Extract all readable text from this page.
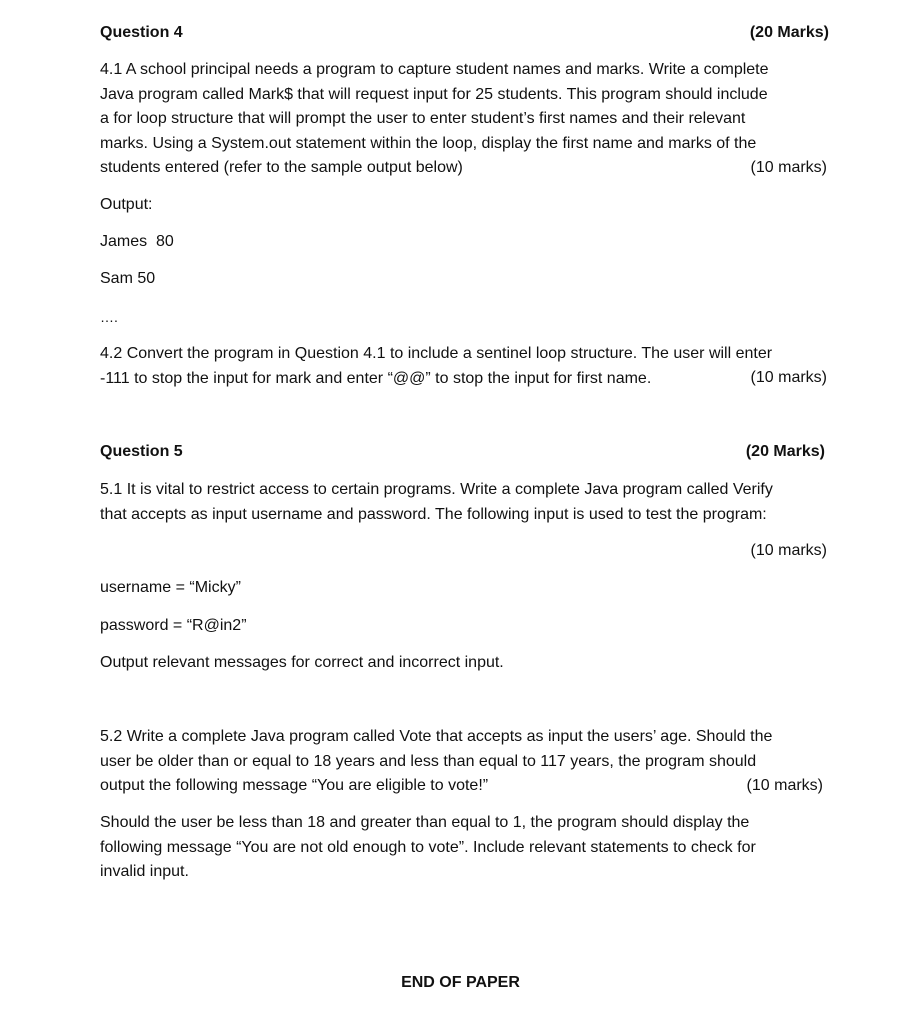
Question 4	(20 Marks)
4.1 A school principal needs a program to capture student names and marks. Write a complete
Java program called Mark$ that will request input for 25 students. This program should include
a for loop structure that will prompt the user to enter student’s first names and their relevant
marks. Using a System.out statement within the loop, display the first name and marks of the
students entered (refer to the sample output below)	(10 marks)
Output:
James  80
Sam 50
….
4.2 Convert the program in Question 4.1 to include a sentinel loop structure. The user will enter
-111 to stop the input for mark and enter “@@” to stop the input for first name.	(10 marks)
Question 5	(20 Marks)
5.1 It is vital to restrict access to certain programs. Write a complete Java program called Verify
that accepts as input username and password. The following input is used to test the program:
(10 marks)
username = “Micky”
password = “R@in2”
Output relevant messages for correct and incorrect input.
5.2 Write a complete Java program called Vote that accepts as input the users’ age. Should the
user be older than or equal to 18 years and less than equal to 117 years, the program should
output the following message “You are eligible to vote!”	(10 marks)
Should the user be less than 18 and greater than equal to 1, the program should display the
following message “You are not old enough to vote”. Include relevant statements to check for
invalid input.
END OF PAPER
